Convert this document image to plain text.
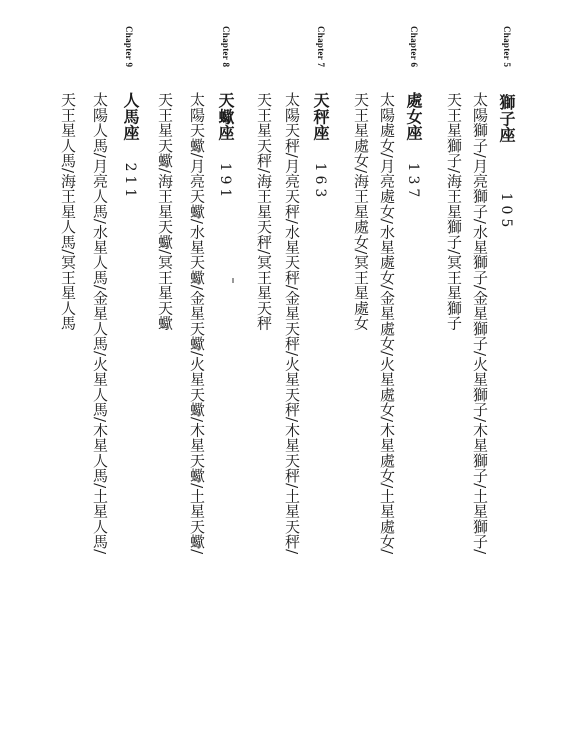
Chapter 5
獅子座105
太陽獅子/月亮獅子/水星獅子/金星獅子/火星獅子/木星獅子/土星獅子/
天王星獅子/海王星獅子/冥王星獅子
Chapter 6
處女座137
太陽處女/月亮處女/水星處女/金星處女/火星處女/木星處女/土星處女/
天王星處女/海王星處女/冥王星處女
Chapter 7
天秤座163
太陽天秤/月亮天秤/水星天秤/金星天秤/火星天秤/木星天秤/土星天秤/
天王星天秤/海王星天秤/冥王星天秤
Chapter 8
天蠍座191
太陽天蠍/月亮天蠍/水星天蠍/金星天蠍/火星天蠍/木星天蠍/土星天蠍/
天王星天蠍/海王星天蠍/冥王星天蠍
Chapter 9
人馬座211
太陽人馬/月亮人馬/水星人馬/金星人馬/火星人馬/木星人馬/土星人馬/
天王星人馬/海王星人馬/冥王星人馬
